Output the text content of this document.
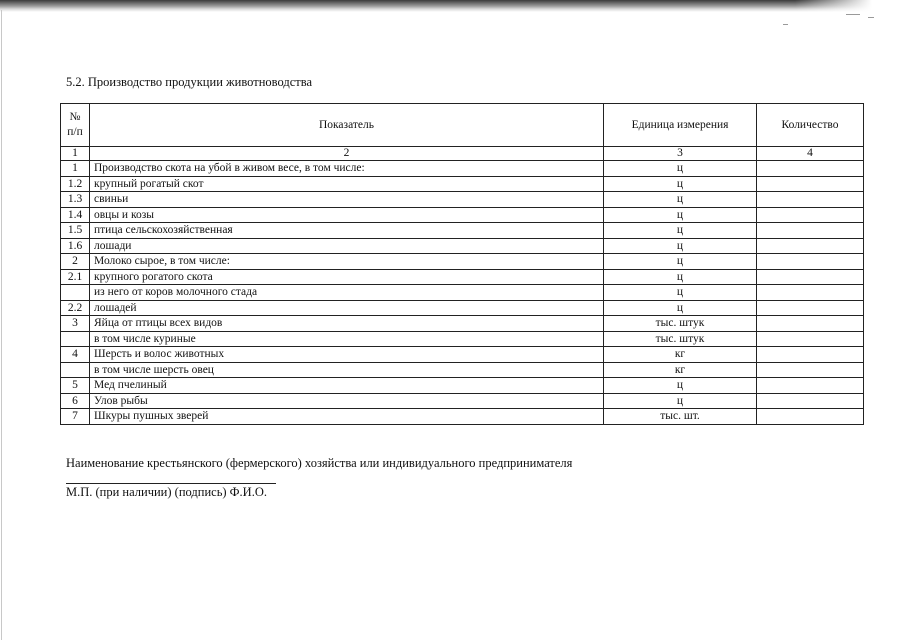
5.2. Производство продукции животноводства
№ п/п	Показатель	Единица измерения	Количество
1	2	3	4
1	Производство скота на убой в живом весе, в том числе:	ц	
1.2	крупный рогатый скот	ц	
1.3	свиньи	ц	
1.4	овцы и козы	ц	
1.5	птица сельскохозяйственная	ц	
1.6	лошади	ц	
2	Молоко сырое, в том числе:	ц	
2.1	крупного рогатого скота	ц	
	из него от коров молочного стада	ц	
2.2	лошадей	ц	
3	Яйца от птицы всех видов	тыс. штук	
	в том числе куриные	тыс. штук	
4	Шерсть и волос животных	кг	
	в том числе шерсть овец	кг	
5	Мед пчелиный	ц	
6	Улов рыбы	ц	
7	Шкуры пушных зверей	тыс. шт.	
Наименование крестьянского (фермерского) хозяйства или индивидуального предпринимателя
М.П. (при наличии) (подпись) Ф.И.О.
